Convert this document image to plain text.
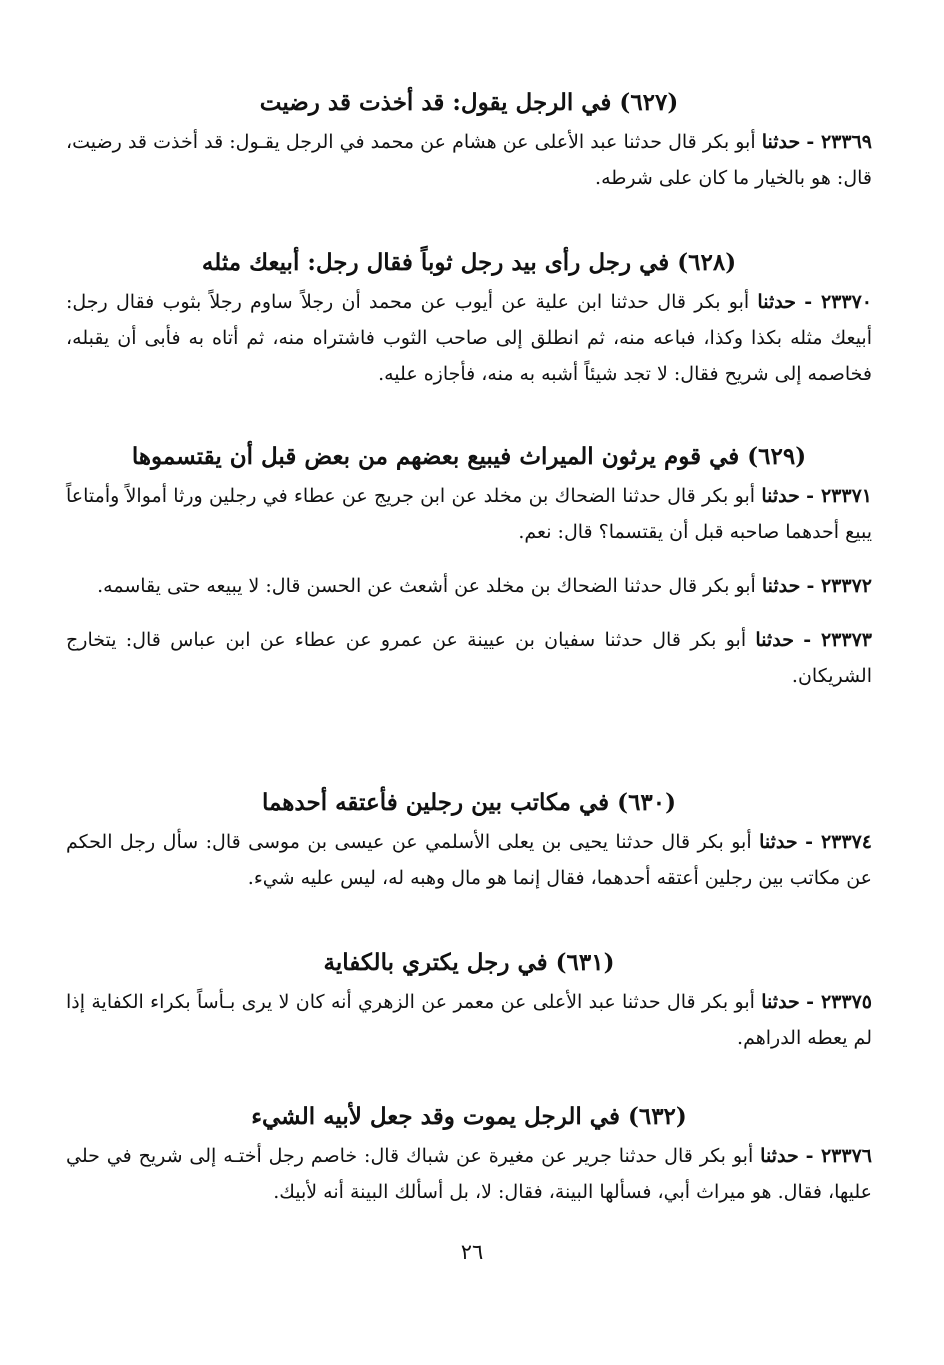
(٦٢٧) في الرجل يقول: قد أخذت قد رضيت

٢٣٣٦٩ - حدثنا أبو بكر قال حدثنا عبد الأعلى عن هشام عن محمد في الرجل يقـول: قد أخذت قد رضيت، قال: هو بالخيار ما كان على شرطه.

(٦٢٨) في رجل رأى بيد رجل ثوباً فقال رجل: أبيعك مثله

٢٣٣٧٠ - حدثنا أبو بكر قال حدثنا ابن علية عن أيوب عن محمد أن رجلاً ساوم رجلاً بثوب فقال رجل: أبيعك مثله بكذا وكذا، فباعه منه، ثم انطلق إلى صاحب الثوب فاشتراه منه، ثم أتاه به فأبى أن يقبله، فخاصمه إلى شريح فقال: لا تجد شيئاً أشبه به منه، فأجازه عليه.

(٦٢٩) في قوم يرثون الميراث فيبيع بعضهم من بعض قبل أن يقتسموها

٢٣٣٧١ - حدثنا أبو بكر قال حدثنا الضحاك بن مخلد عن ابن جريج عن عطاء في رجلين ورثا أموالاً وأمتاعاً يبيع أحدهما صاحبه قبل أن يقتسما؟ قال: نعم.

٢٣٣٧٢ - حدثنا أبو بكر قال حدثنا الضحاك بن مخلد عن أشعث عن الحسن قال: لا يبيعه حتى يقاسمه.

٢٣٣٧٣ - حدثنا أبو بكر قال حدثنا سفيان بن عيينة عن عمرو عن عطاء عن ابن عباس قال: يتخارج الشريكان.

(٦٣٠) في مكاتب بين رجلين فأعتقه أحدهما

٢٣٣٧٤ - حدثنا أبو بكر قال حدثنا يحيى بن يعلى الأسلمي عن عيسى بن موسى قال: سأل رجل الحكم عن مكاتب بين رجلين أعتقه أحدهما، فقال إنما هو مال وهبه له، ليس عليه شيء.

(٦٣١) في رجل يكتري بالكفاية

٢٣٣٧٥ - حدثنا أبو بكر قال حدثنا عبد الأعلى عن معمر عن الزهري أنه كان لا يرى بـأساً بكراء الكفاية إذا لم يعطه الدراهم.

(٦٣٢) في الرجل يموت وقد جعل لأبيه الشيء

٢٣٣٧٦ - حدثنا أبو بكر قال حدثنا جرير عن مغيرة عن شباك قال: خاصم رجل أختـه إلى شريح في حلي عليها، فقال. هو ميراث أبي، فسألها البينة، فقال: لا، بل أسألك البينة أنه لأبيك.

٢٦
